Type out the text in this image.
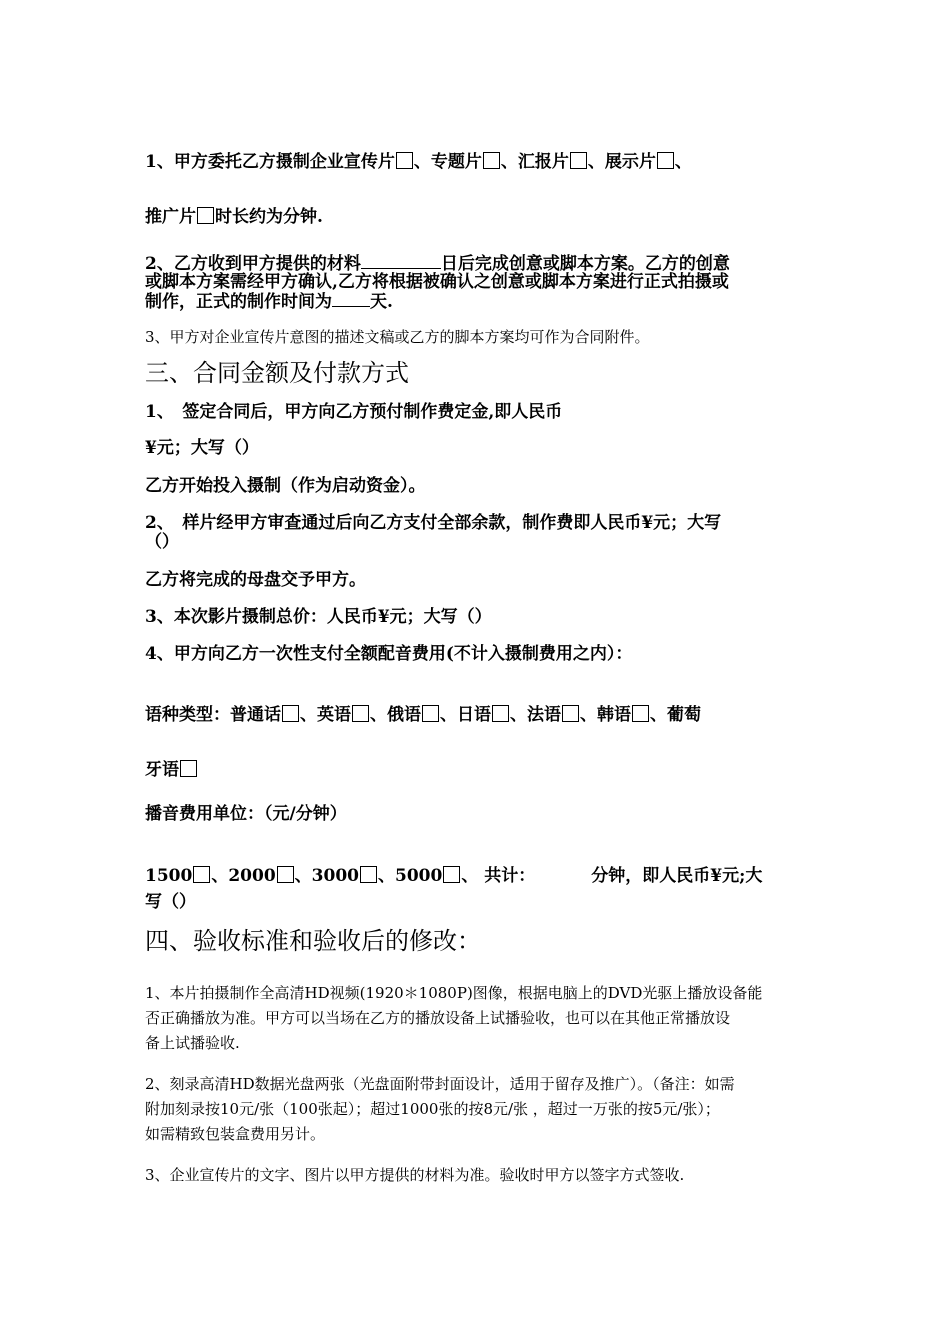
1、甲方委托乙方摄制企业宣传片 、专题片 、汇报片 、展示片 、
推广片 时长约为分钟.
2、乙方收到甲方提供的材料	日后完成创意或脚本方案。乙方的创意
或脚本方案需经甲方确认,乙方将根据被确认之创意或脚本方案进行正式拍摄或
制作，正式的制作时间为 天.
3、甲方对企业宣传片意图的描述文稿或乙方的脚本方案均可作为合同附件。
三、合同金额及付款方式
1、　签定合同后，甲方向乙方预付制作费定金,即人民币
¥元；大写（）
乙方开始投入摄制（作为启动资金）。
2、　样片经甲方审查通过后向乙方支付全部余款，制作费即人民币¥元；大写
（）
乙方将完成的母盘交予甲方。
3、本次影片摄制总价：人民币¥元；大写（）
4、甲方向乙方一次性支付全额配音费用(不计入摄制费用之内）：
语种类型：普通话 、英语 、俄语 、日语 、法语 、韩语 、葡萄
牙语
播音费用单位：（元/分钟）
1500 、2000 、3000 、5000 、 共计：	分钟，即人民币¥元;大
写（）
四、验收标准和验收后的修改：
1、本片拍摄制作全高清HD视频(1920＊1080P)图像，根据电脑上的DVD光驱上播放设备能
否正确播放为准。甲方可以当场在乙方的播放设备上试播验收，也可以在其他正常播放设
备上试播验收.
2、刻录高清HD数据光盘两张（光盘面附带封面设计，适用于留存及推广）。（备注：如需
附加刻录按10元/张（100张起）；超过1000张的按8元/张 ，超过一万张的按5元/张）；
如需精致包装盒费用另计。
3、企业宣传片的文字、图片以甲方提供的材料为准。验收时甲方以签字方式签收.
